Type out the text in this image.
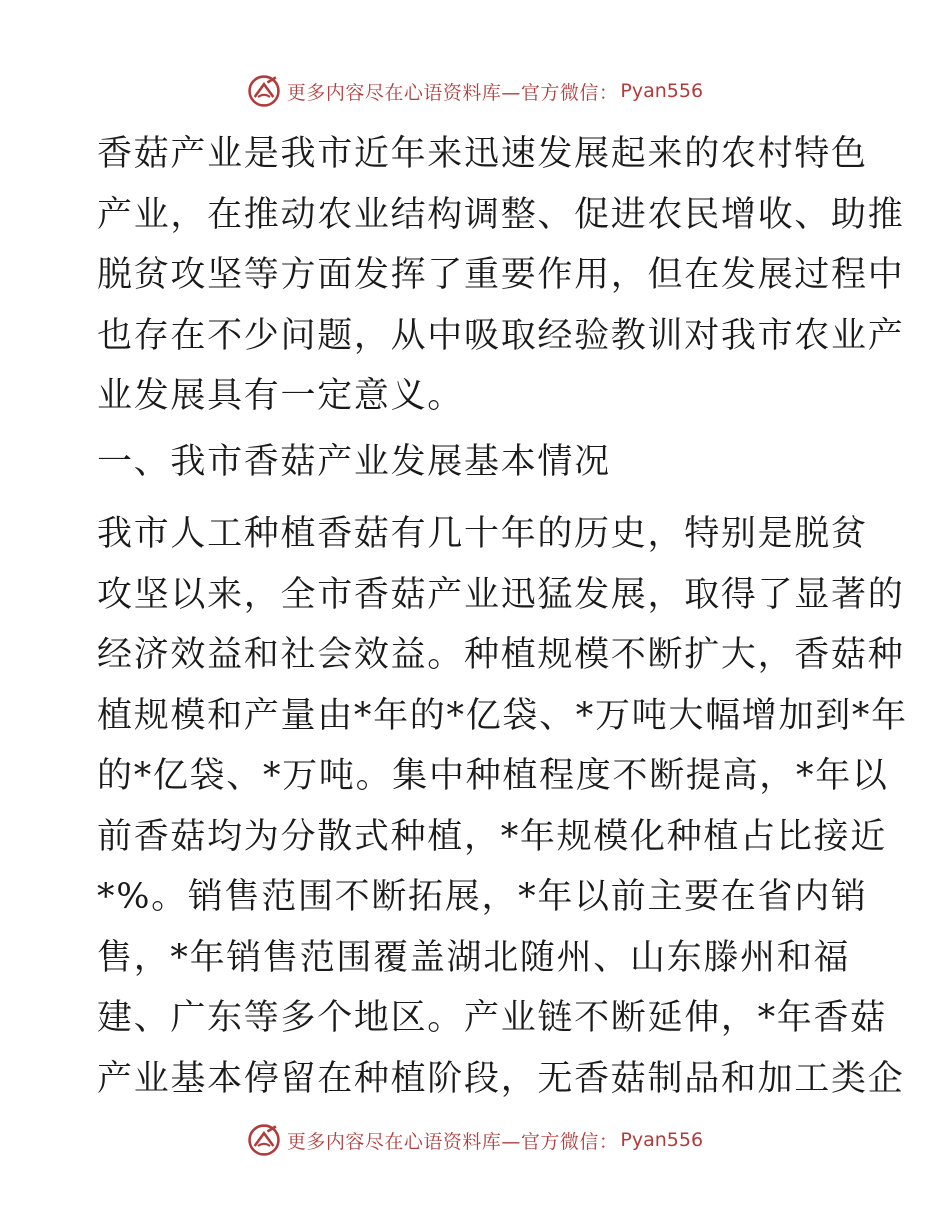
更多内容尽在心语资料库—官方微信： Pyan556

香菇产业是我市近年来迅速发展起来的农村特色
产业，在推动农业结构调整、促进农民增收、助推
脱贫攻坚等方面发挥了重要作用，但在发展过程中
也存在不少问题，从中吸取经验教训对我市农业产
业发展具有一定意义。

一、我市香菇产业发展基本情况

我市人工种植香菇有几十年的历史，特别是脱贫
攻坚以来，全市香菇产业迅猛发展，取得了显著的
经济效益和社会效益。种植规模不断扩大，香菇种
植规模和产量由*年的*亿袋、*万吨大幅增加到*年
的*亿袋、*万吨。集中种植程度不断提高，*年以
前香菇均为分散式种植，*年规模化种植占比接近
*%。销售范围不断拓展，*年以前主要在省内销
售，*年销售范围覆盖湖北随州、山东滕州和福
建、广东等多个地区。产业链不断延伸，*年香菇
产业基本停留在种植阶段，无香菇制品和加工类企

更多内容尽在心语资料库—官方微信： Pyan556
